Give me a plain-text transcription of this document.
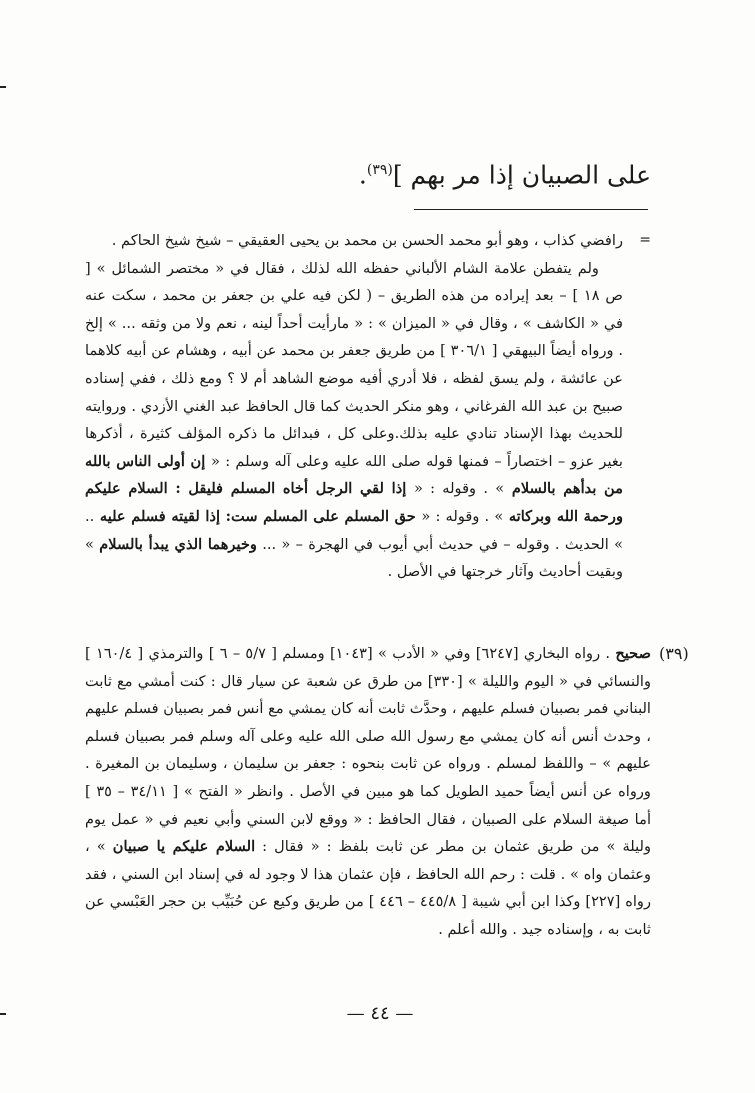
على الصبيان إذا مر بهم ]$^{(٣٩)}$.
=

رافضي كذاب ، وهو أبو محمد الحسن بن محمد بن يحيى العقيقي – شيخ شيخ الحاكم .

ولم يتفطن علامة الشام الألباني حفظه الله لذلك ، فقال في « مختصر الشمائل » [ ص ١٨ ] – بعد إيراده من هذه الطريق – ( لكن فيه علي بن جعفر بن محمد ، سكت عنه في « الكاشف » ، وقال في « الميزان » : « مارأيت أحداً لينه ، نعم ولا من وثقه ... » إلخ . ورواه أيضاً البيهقي [ ٣٠٦/١ ] من طريق جعفر بن محمد عن أبيه ، وهشام عن أبيه كلاهما عن عائشة ، ولم يسق لفظه ، فلا أدري أفيه موضع الشاهد أم لا ؟ ومع ذلك ، ففي إسناده صبيح بن عبد الله الفرغاني ، وهو منكر الحديث كما قال الحافظ عبد الغني الأزدي . وروايته للحديث بهذا الإسناد تنادي عليه بذلك.وعلى كل ، فبدائل ما ذكره المؤلف كثيرة ، أذكرها بغير عزو – اختصاراً – فمنها قوله صلى الله عليه وعلى آله وسلم : « إن أولى الناس بالله من بدأهم بالسلام » . وقوله : « إذا لقي الرجل أخاه المسلم فليقل : السلام عليكم ورحمة الله وبركاته » . وقوله : « حق المسلم على المسلم ست: إذا لقيته فسلم عليه .. » الحديث . وقوله – في حديث أبي أيوب في الهجرة – « ... وخيرهما الذي يبدأ بالسلام » وبقيت أحاديث وآثار خرجتها في الأصل .

(٣٩)

صحيح . رواه البخاري [٦٢٤٧] وفي « الأدب » [١٠٤٣] ومسلم [ ٥/٧ – ٦ ] والترمذي [ ١٦٠/٤ ] والنسائي في « اليوم والليلة » [٣٣٠] من طرق عن شعبة عن سيار قال : كنت أمشي مع ثابت البناني فمر بصبيان فسلم عليهم ، وحدَّث ثابت أنه كان يمشي مع أنس فمر بصبيان فسلم عليهم ، وحدث أنس أنه كان يمشي مع رسول الله صلى الله عليه وعلى آله وسلم فمر بصبيان فسلم عليهم » – واللفظ لمسلم . ورواه عن ثابت بنحوه : جعفر بن سليمان ، وسليمان بن المغيرة . ورواه عن أنس أيضاً حميد الطويل كما هو مبين في الأصل . وانظر « الفتح » [ ٣٤/١١ – ٣٥ ] أما صيغة السلام على الصبيان ، فقال الحافظ : « ووقع لابن السني وأبي نعيم في « عمل يوم وليلة » من طريق عثمان بن مطر عن ثابت بلفظ : « فقال : السلام عليكم يا صبيان » ، وعثمان واه » . قلت : رحم الله الحافظ ، فإن عثمان هذا لا وجود له في إسناد ابن السني ، فقد رواه [٢٢٧] وكذا ابن أبي شيبة [ ٤٤٥/٨ – ٤٤٦ ] من طريق وكيع عن حُبَيِّب بن حجر العَبْسي عن ثابت به ، وإسناده جيد . والله أعلم .

— ٤٤ —
